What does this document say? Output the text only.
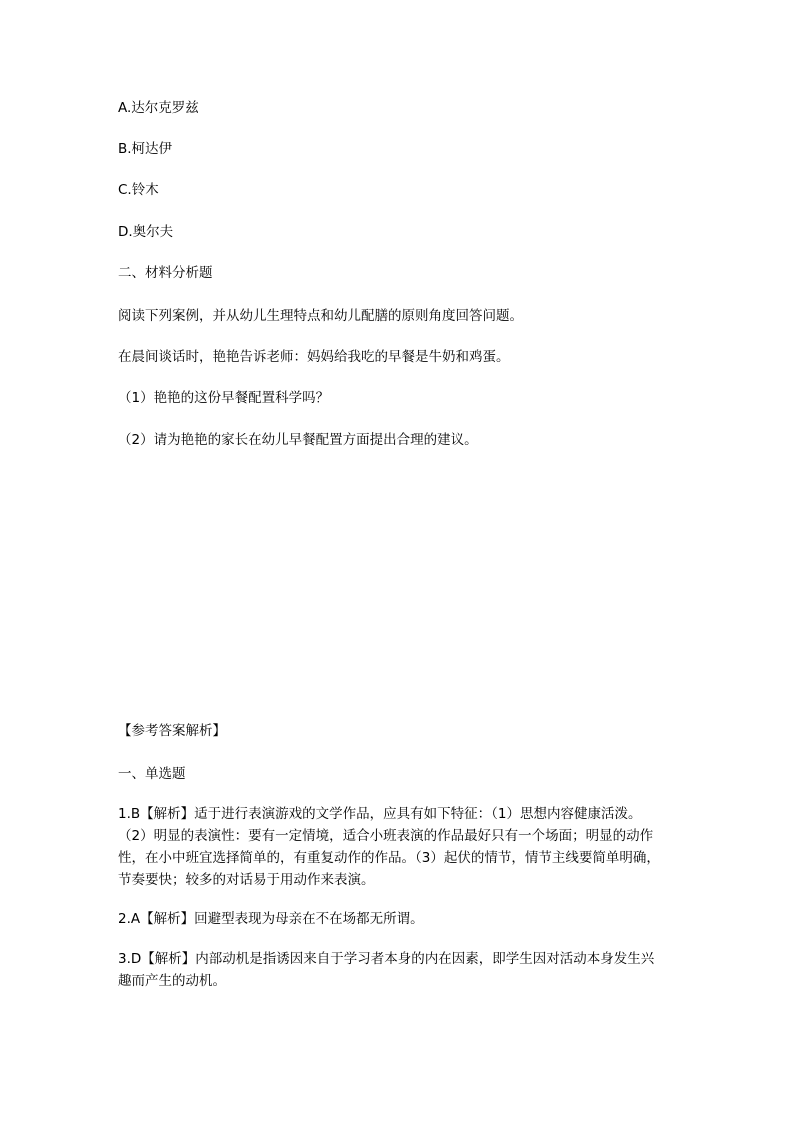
A.达尔克罗兹
B.柯达伊
C.铃木
D.奥尔夫
二、材料分析题
阅读下列案例，并从幼儿生理特点和幼儿配膳的原则角度回答问题。
在晨间谈话时，艳艳告诉老师：妈妈给我吃的早餐是牛奶和鸡蛋。
（1）艳艳的这份早餐配置科学吗？
（2）请为艳艳的家长在幼儿早餐配置方面提出合理的建议。
【参考答案解析】
一、单选题

1.B【解析】适于进行表演游戏的文学作品，应具有如下特征：（1）思想内容健康活泼。

（2）明显的表演性：要有一定情境，适合小班表演的作品最好只有一个场面；明显的动作

性，在小中班宜选择简单的，有重复动作的作品。（3）起伏的情节，情节主线要简单明确，

节奏要快；较多的对话易于用动作来表演。

2.A【解析】回避型表现为母亲在不在场都无所谓。

3.D【解析】内部动机是指诱因来自于学习者本身的内在因素，即学生因对活动本身发生兴

趣而产生的动机。
